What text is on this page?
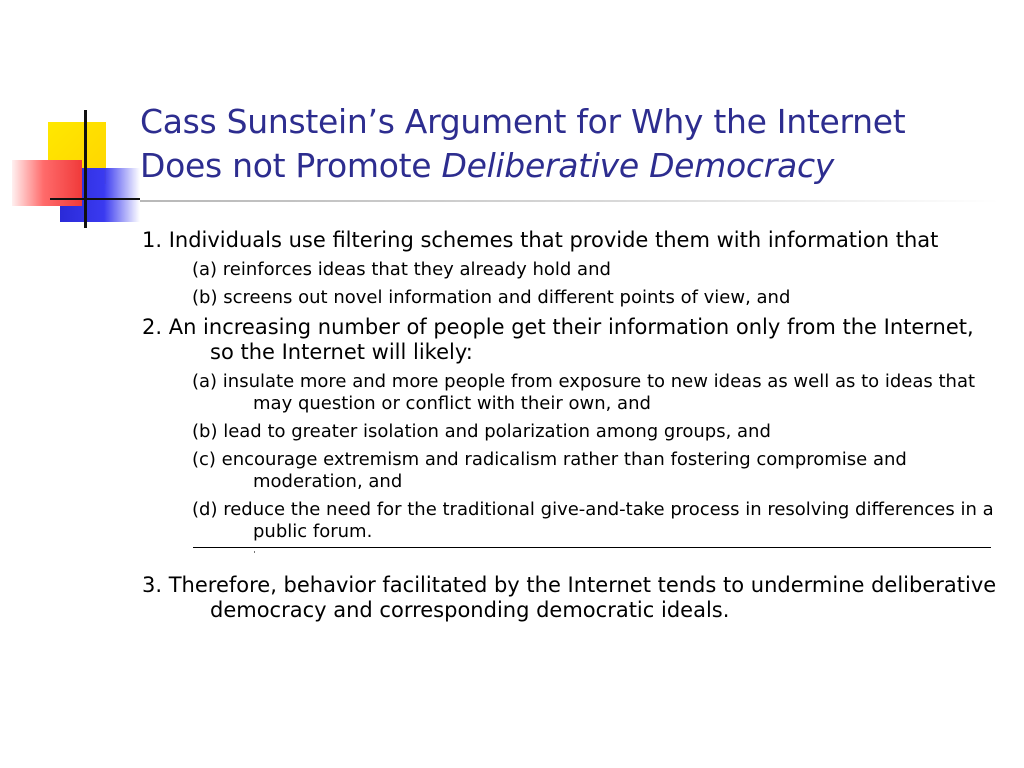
Cass Sunstein’s Argument for Why the Internet
Does not Promote Deliberative Democracy

1. Individuals use filtering schemes that provide them with information that

(a) reinforces ideas that they already hold and

(b) screens out novel information and different points of view, and

2. An increasing number of people get their information only from the Internet, so the Internet will likely:

(a) insulate more and more people from exposure to new ideas as well as to ideas that may question or conflict with their own, and

(b) lead to greater isolation and polarization among groups, and

(c) encourage extremism and radicalism rather than fostering compromise and moderation, and

(d) reduce the need for the traditional give-and-take process in resolving differences in a public forum.

3. Therefore, behavior facilitated by the Internet tends to undermine deliberative democracy and corresponding democratic ideals.
